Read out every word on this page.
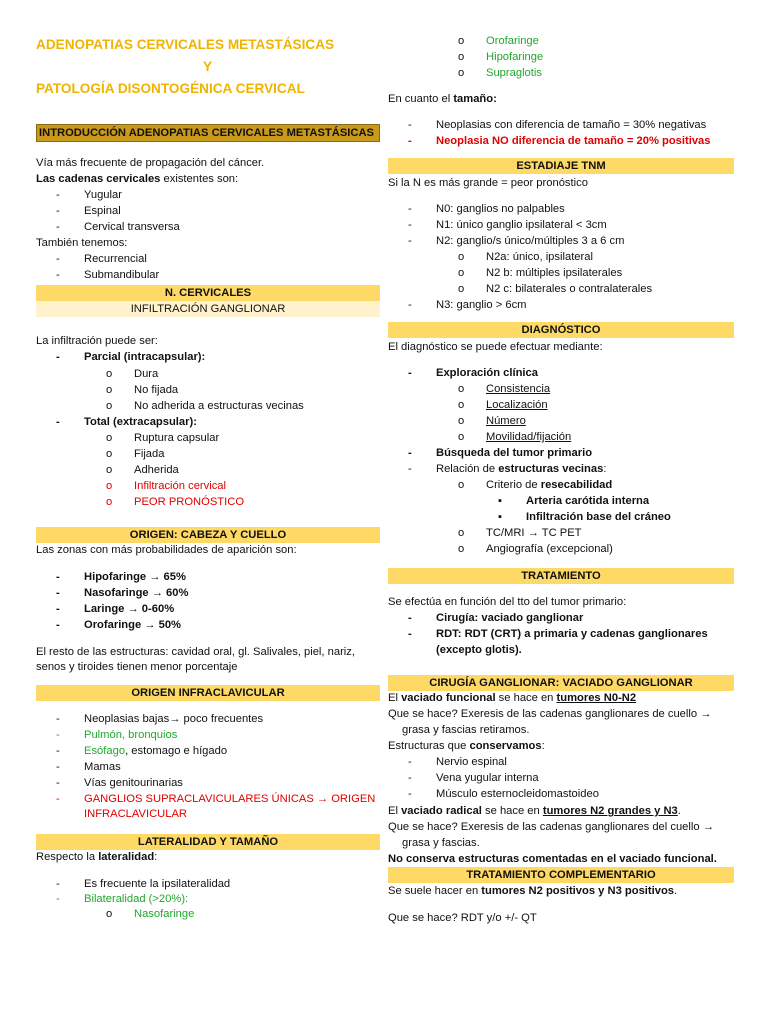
ADENOPATIAS CERVICALES METASTÁSICAS
Y
PATOLOGÍA DISONTOGÉNICA CERVICAL
INTRODUCCIÓN ADENOPATIAS CERVICALES METASTÁSICAS
Vía más frecuente de propagación del cáncer.
Las cadenas cervicales existentes son:
- Yugular
- Espinal
- Cervical transversa
También tenemos:
- Recurrencial
- Submandibular
N. CERVICALES
INFILTRACIÓN GANGLIONAR
La infiltración puede ser:
- Parcial (intracapsular):
o Dura
o No fijada
o No adherida a estructuras vecinas
- Total (extracapsular):
o Ruptura capsular
o Fijada
o Adherida
o Infiltración cervical
o PEOR PRONÓSTICO
ORIGEN: CABEZA Y CUELLO
Las zonas con más probabilidades de aparición son:
- Hipofaringe → 65%
- Nasofaringe → 60%
- Laringe → 0-60%
- Orofaringe → 50%
El resto de las estructuras: cavidad oral, gl. Salivales, piel, nariz,
senos y tiroides tienen menor porcentaje
ORIGEN INFRACLAVICULAR
- Neoplasias bajas→ poco frecuentes
- Pulmón, bronquios
- Esófago, estomago e hígado
- Mamas
- Vías genitourinarias
- GANGLIOS SUPRACLAVICULARES ÚNICAS → ORIGEN
INFRACLAVICULAR
LATERALIDAD Y TAMAÑO
Respecto la lateralidad:
- Es frecuente la ipsilateralidad
- Bilateralidad (>20%):
o Nasofaringe
o Orofaringe
o Hipofaringe
o Supraglotis
En cuanto el tamaño:
- Neoplasias con diferencia de tamaño = 30% negativas
- Neoplasia NO diferencia de tamaño = 20% positivas
ESTADIAJE TNM
Si la N es más grande = peor pronóstico
- N0: ganglios no palpables
- N1: único ganglio ipsilateral < 3cm
- N2: ganglio/s único/múltiples 3 a 6 cm
o N2a: único, ipsilateral
o N2 b: múltiples ipsilaterales
o N2 c: bilaterales o contralaterales
- N3: ganglio > 6cm
DIAGNÓSTICO
El diagnóstico se puede efectuar mediante:
- Exploración clínica
o Consistencia
o Localización
o Número
o Movilidad/fijación
- Búsqueda del tumor primario
- Relación de estructuras vecinas:
o Criterio de resecabilidad
▪ Arteria carótida interna
▪ Infiltración base del cráneo
o TC/MRI → TC PET
o Angiografía (excepcional)
TRATAMIENTO
Se efectúa en función del tto del tumor primario:
- Cirugía: vaciado ganglionar
- RDT: RDT (CRT) a primaria y cadenas ganglionares
(excepto glotis).
CIRUGÍA GANGLIONAR: VACIADO GANGLIONAR
El vaciado funcional se hace en tumores N0-N2
Que se hace? Exeresis de las cadenas ganglionares de cuello →
grasa y fascias retiramos.
Estructuras que conservamos:
- Nervio espinal
- Vena yugular interna
- Músculo esternocleidomastoideo
El vaciado radical se hace en tumores N2 grandes y N3.
Que se hace? Exeresis de las cadenas ganglionares del cuello →
grasa y fascias.
No conserva estructuras comentadas en el vaciado funcional.
TRATAMIENTO COMPLEMENTARIO
Se suele hacer en tumores N2 positivos y N3 positivos.
Que se hace? RDT y/o +/- QT
